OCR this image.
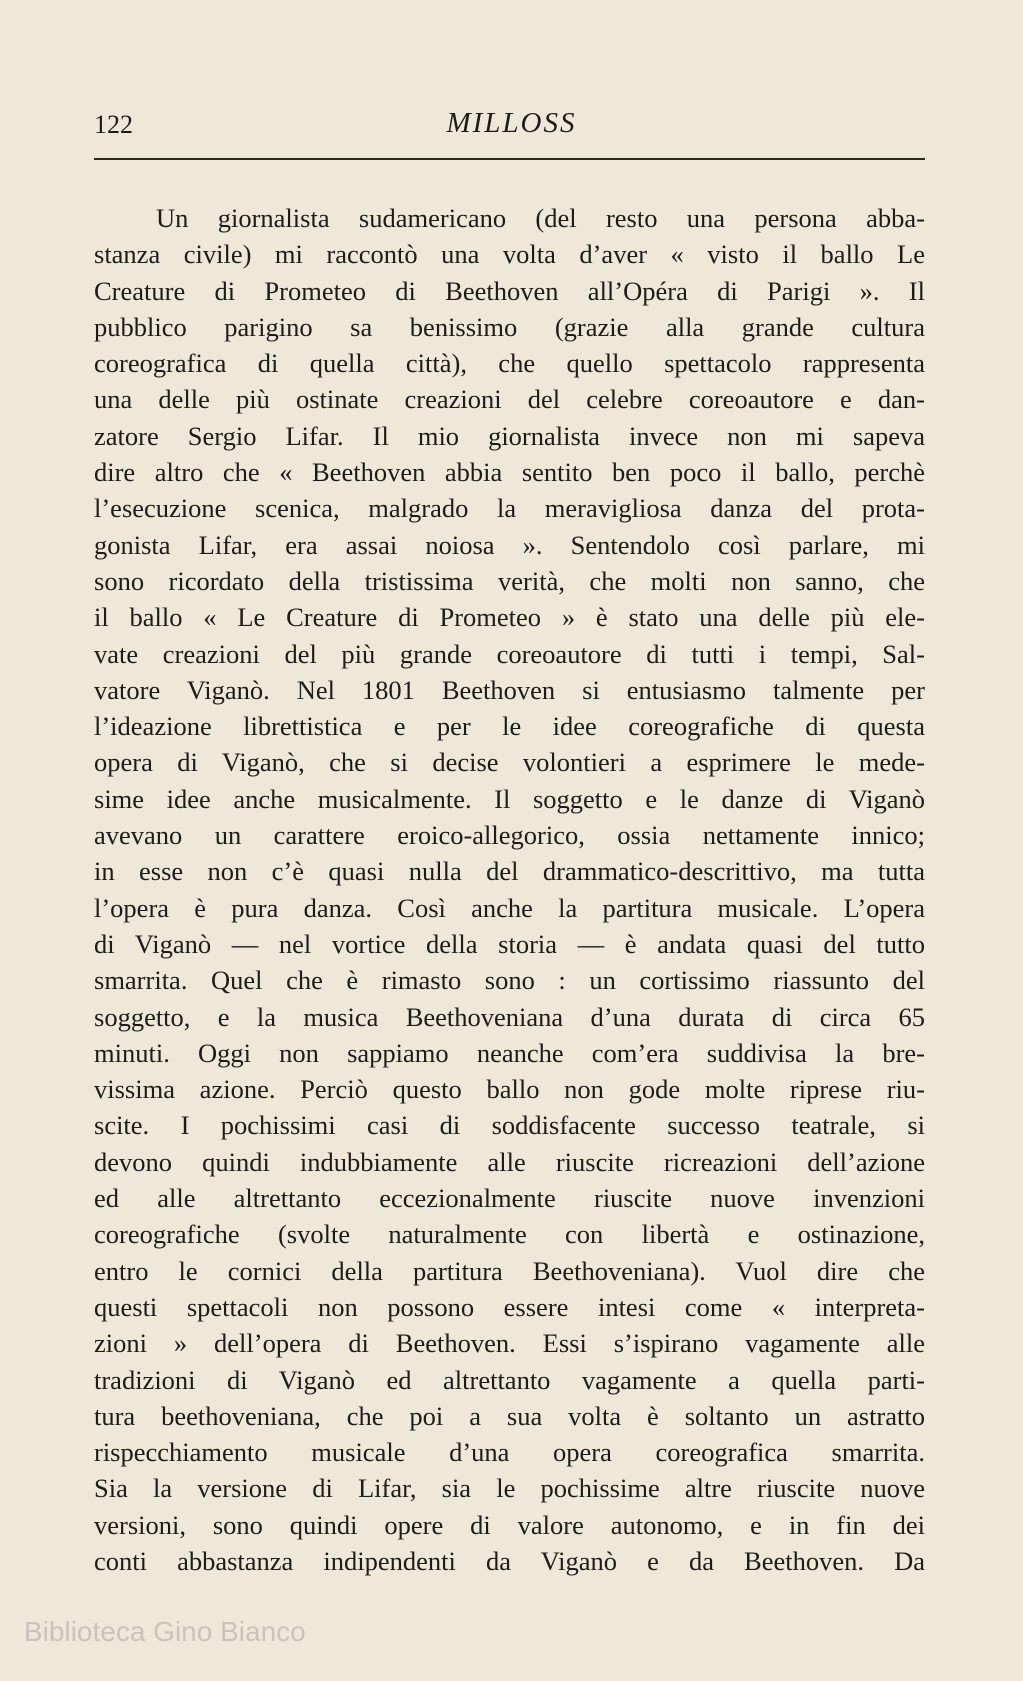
122	MILLOSS

Un giornalista sudamericano (del resto una persona abba-
stanza civile) mi raccontò una volta d’aver « visto il ballo Le
Creature di Prometeo di Beethoven all’Opéra di Parigi ». Il
pubblico parigino sa benissimo (grazie alla grande cultura
coreografica di quella città), che quello spettacolo rappresenta
una delle più ostinate creazioni del celebre coreoautore e dan-
zatore Sergio Lifar. Il mio giornalista invece non mi sapeva
dire altro che « Beethoven abbia sentito ben poco il ballo, perchè
l’esecuzione scenica, malgrado la meravigliosa danza del prota-
gonista Lifar, era assai noiosa ». Sentendolo così parlare, mi
sono ricordato della tristissima verità, che molti non sanno, che
il ballo « Le Creature di Prometeo » è stato una delle più ele-
vate creazioni del più grande coreoautore di tutti i tempi, Sal-
vatore Viganò. Nel 1801 Beethoven si entusiasmo talmente per
l’ideazione librettistica e per le idee coreografiche di questa
opera di Viganò, che si decise volontieri a esprimere le mede-
sime idee anche musicalmente. Il soggetto e le danze di Viganò
avevano un carattere eroico-allegorico, ossia nettamente innico;
in esse non c’è quasi nulla del drammatico-descrittivo, ma tutta
l’opera è pura danza. Così anche la partitura musicale. L’opera
di Viganò — nel vortice della storia — è andata quasi del tutto
smarrita. Quel che è rimasto sono : un cortissimo riassunto del
soggetto, e la musica Beethoveniana d’una durata di circa 65
minuti. Oggi non sappiamo neanche com’era suddivisa la bre-
vissima azione. Perciò questo ballo non gode molte riprese riu-
scite. I pochissimi casi di soddisfacente successo teatrale, si
devono quindi indubbiamente alle riuscite ricreazioni dell’azione
ed alle altrettanto eccezionalmente riuscite nuove invenzioni
coreografiche (svolte naturalmente con libertà e ostinazione,
entro le cornici della partitura Beethoveniana). Vuol dire che
questi spettacoli non possono essere intesi come « interpreta-
zioni » dell’opera di Beethoven. Essi s’ispirano vagamente alle
tradizioni di Viganò ed altrettanto vagamente a quella parti-
tura beethoveniana, che poi a sua volta è soltanto un astratto
rispecchiamento musicale d’una opera coreografica smarrita.
Sia la versione di Lifar, sia le pochissime altre riuscite nuove
versioni, sono quindi opere di valore autonomo, e in fin dei
conti abbastanza indipendenti da Viganò e da Beethoven. Da

Biblioteca Gino Bianco
